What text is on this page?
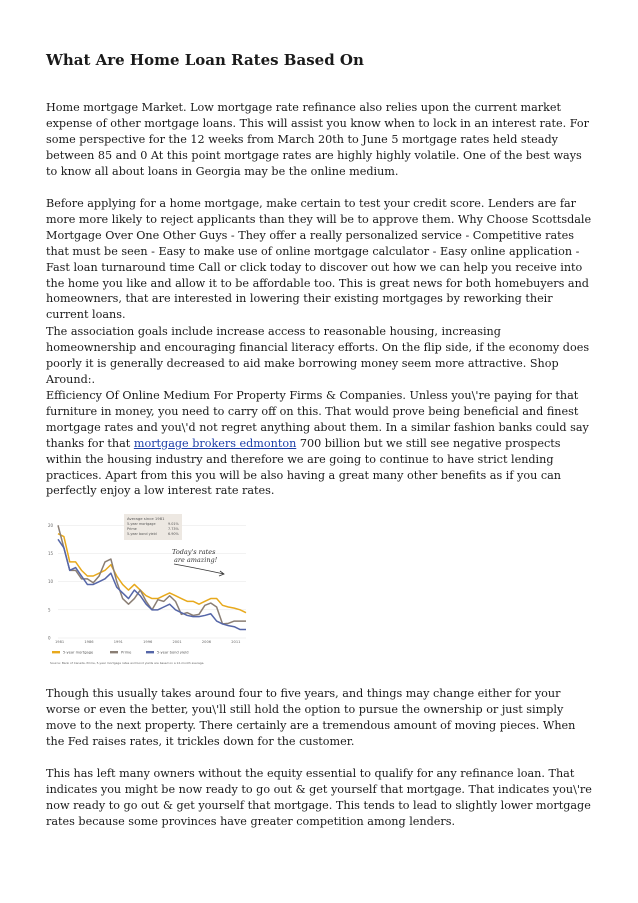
What Are Home Loan Rates Based On

Home mortgage Market. Low mortgage rate refinance also relies upon the current market expense of other mortgage loans. This will assist you know when to lock in an interest rate. For some perspective for the 12 weeks from March 20th to June 5 mortgage rates held steady between 85 and 0 At this point mortgage rates are highly highly volatile. One of the best ways to know all about loans in Georgia may be the online medium.

Before applying for a home mortgage, make certain to test your credit score. Lenders are far more more likely to reject applicants than they will be to approve them. Why Choose Scottsdale Mortgage Over One Other Guys - They offer a really personalized service - Competitive rates that must be seen - Easy to make use of online mortgage calculator - Easy online application - Fast loan turnaround time Call or click today to discover out how we can help you receive into the home you like and allow it to be affordable too. This is great news for both homebuyers and homeowners, that are interested in lowering their existing mortgages by reworking their current loans.

The association goals include increase access to reasonable housing, increasing homeownership and encouraging financial literacy efforts. On the flip side, if the economy does poorly it is generally decreased to aid make borrowing money seem more attractive. Shop Around:.

Efficiency Of Online Medium For Property Firms & Companies. Unless you\'re paying for that furniture in money, you need to carry off on this. That would prove being beneficial and finest mortgage rates and you\'d not regret anything about them. In a similar fashion banks could say thanks for that mortgage brokers edmonton 700 billion but we still see negative prospects within the housing industry and therefore we are going to continue to have strict lending practices. Apart from this you will be also having a great many other benefits as if you can perfectly enjoy a low interest rate rates.

20
15
10
5
0
1981	1986	1991	1996	2001	2006	2011
Average since 1981
5-year mortgage	9.01%
Prime	7.73%
5-year bond yield	6.90%
Today's rates
are amazing!
5-year mortgage	Prime	5-year bond yield
Source: Bank of Canada. Prime, 5-year mortgage rates and bond yields are based on a 12-month average.

Though this usually takes around four to five years, and things may change either for your worse or even the better, you\'ll still hold the option to pursue the ownership or just simply move to the next property. There certainly are a tremendous amount of moving pieces. When the Fed raises rates, it trickles down for the customer.

This has left many owners without the equity essential to qualify for any refinance loan. That indicates you might be now ready to go out & get yourself that mortgage. That indicates you\'re now ready to go out & get yourself that mortgage. This tends to lead to slightly lower mortgage rates because some provinces have greater competition among lenders.
